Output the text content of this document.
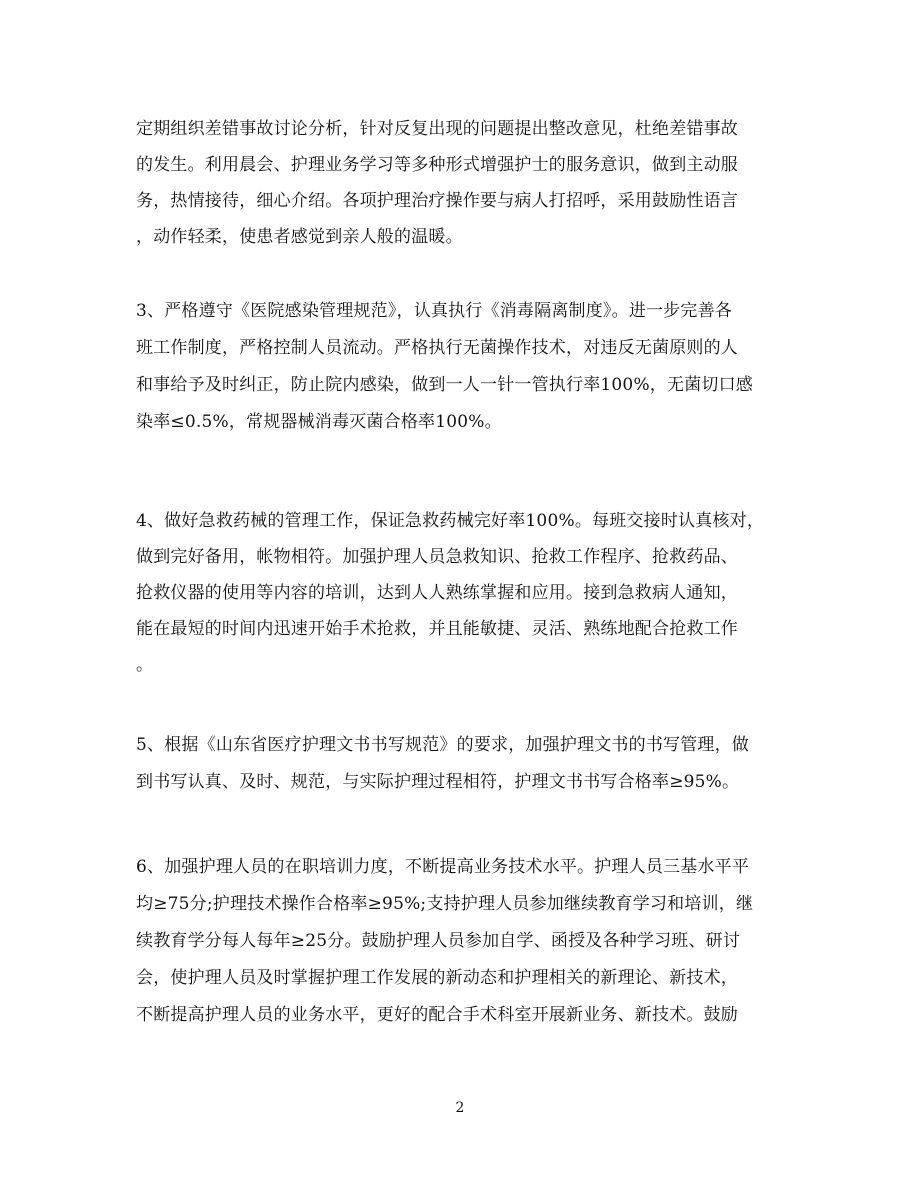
定期组织差错事故讨论分析，针对反复出现的问题提出整改意见，杜绝差错事故
的发生。利用晨会、护理业务学习等多种形式增强护士的服务意识，做到主动服
务，热情接待，细心介绍。各项护理治疗操作要与病人打招呼，采用鼓励性语言
，动作轻柔，使患者感觉到亲人般的温暖。
3、严格遵守《医院感染管理规范》，认真执行《消毒隔离制度》。进一步完善各
班工作制度，严格控制人员流动。严格执行无菌操作技术，对违反无菌原则的人
和事给予及时纠正，防止院内感染，做到一人一针一管执行率100%，无菌切口感
染率≤0.5%，常规器械消毒灭菌合格率100%。
4、做好急救药械的管理工作，保证急救药械完好率100%。每班交接时认真核对，
做到完好备用，帐物相符。加强护理人员急救知识、抢救工作程序、抢救药品、
抢救仪器的使用等内容的培训，达到人人熟练掌握和应用。接到急救病人通知，
能在最短的时间内迅速开始手术抢救，并且能敏捷、灵活、熟练地配合抢救工作
。
5、根据《山东省医疗护理文书书写规范》的要求，加强护理文书的书写管理，做
到书写认真、及时、规范，与实际护理过程相符，护理文书书写合格率≥95%。
6、加强护理人员的在职培训力度，不断提高业务技术水平。护理人员三基水平平
均≥75分;护理技术操作合格率≥95%;支持护理人员参加继续教育学习和培训，继
续教育学分每人每年≥25分。鼓励护理人员参加自学、函授及各种学习班、研讨
会，使护理人员及时掌握护理工作发展的新动态和护理相关的新理论、新技术，
不断提高护理人员的业务水平，更好的配合手术科室开展新业务、新技术。鼓励
2
